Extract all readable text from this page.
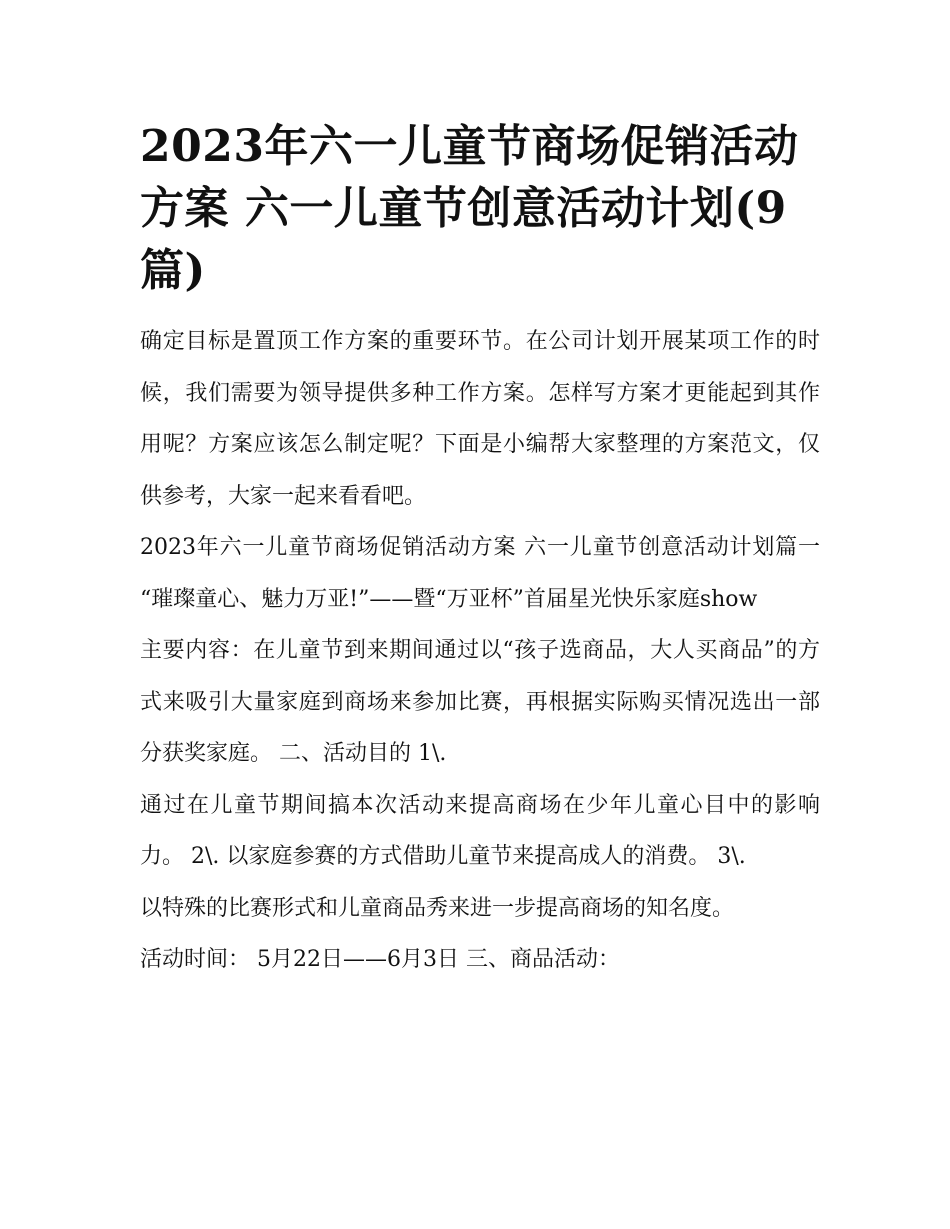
2023年六一儿童节商场促销活动方案 六一儿童节创意活动计划(9篇)

确定目标是置顶工作方案的重要环节。在公司计划开展某项工作的时候，我们需要为领导提供多种工作方案。怎样写方案才更能起到其作用呢？方案应该怎么制定呢？下面是小编帮大家整理的方案范文，仅供参考，大家一起来看看吧。

2023年六一儿童节商场促销活动方案 六一儿童节创意活动计划篇一 “璀璨童心、魅力万亚!”——暨“万亚杯”首届星光快乐家庭show

主要内容：在儿童节到来期间通过以“孩子选商品，大人买商品”的方式来吸引大量家庭到商场来参加比赛，再根据实际购买情况选出一部分获奖家庭。 二、活动目的 1\.

通过在儿童节期间搞本次活动来提高商场在少年儿童心目中的影响力。 2\. 以家庭参赛的方式借助儿童节来提高成人的消费。 3\.

以特殊的比赛形式和儿童商品秀来进一步提高商场的知名度。

活动时间： 5月22日——6月3日 三、商品活动：
